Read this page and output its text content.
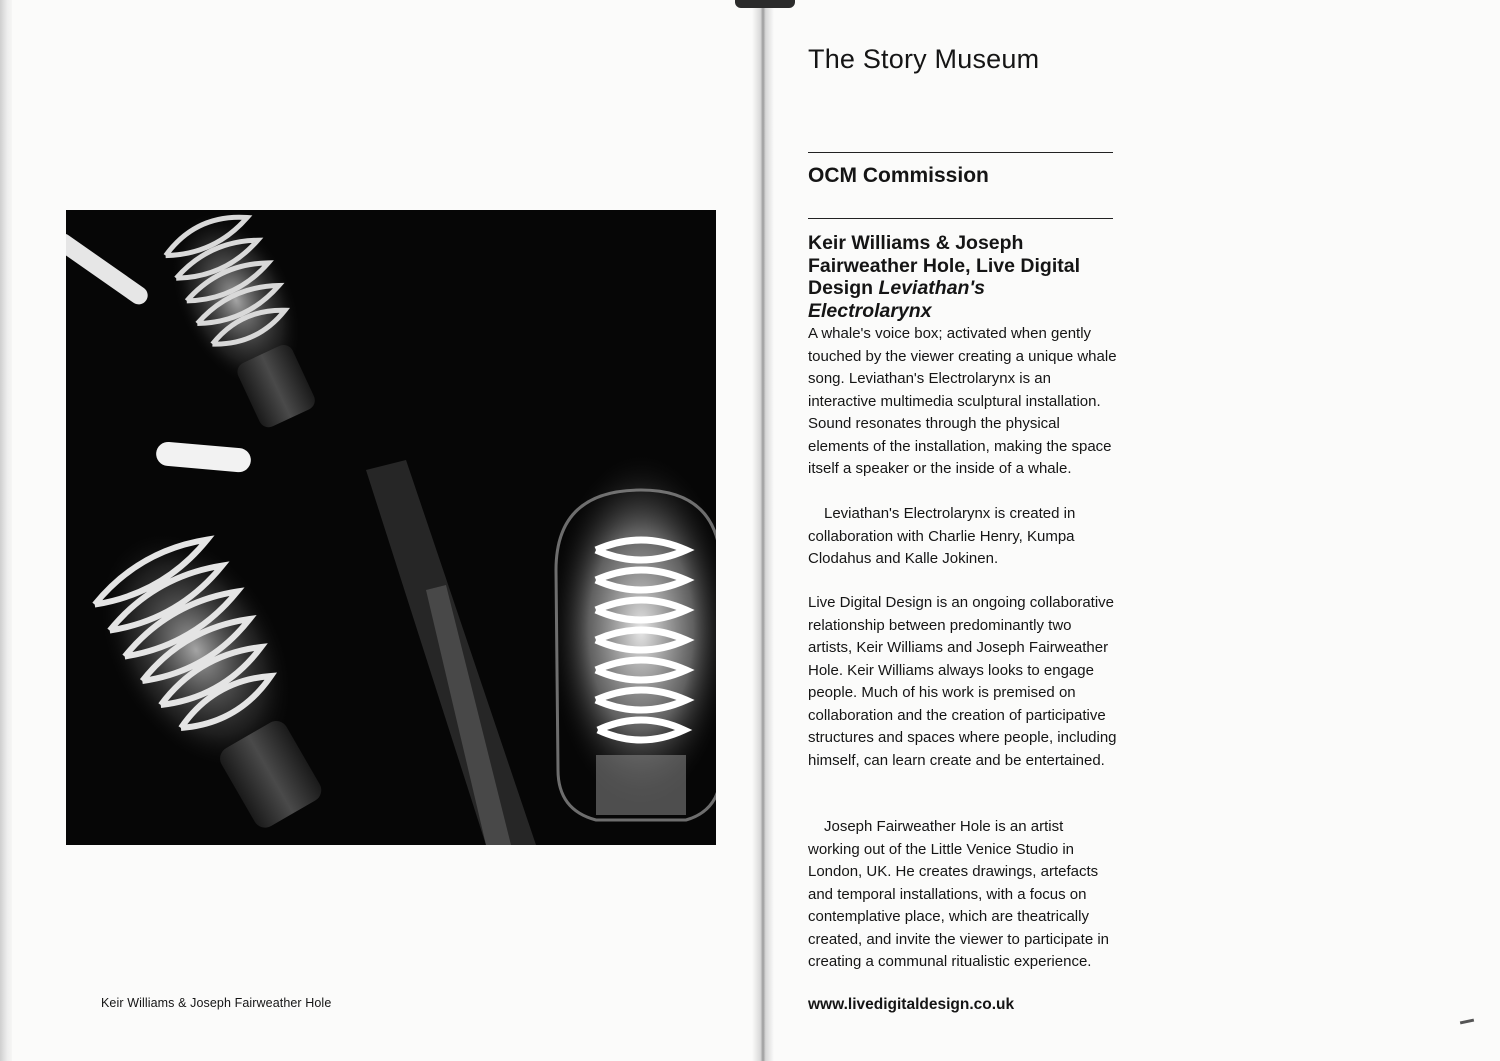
Keir Williams & Joseph Fairweather Hole
The Story Museum
OCM Commission
Keir Williams & Joseph Fairweather Hole, Live Digital Design Leviathan's Electrolarynx

A whale's voice box; activated when gently touched by the viewer creating a unique whale song. Leviathan's Electrolarynx is an interactive multimedia sculptural installation. Sound resonates through the physical elements of the installation, making the space itself a speaker or the inside of a whale.

Leviathan's Electrolarynx is created in collaboration with Charlie Henry, Kumpa Clodahus and Kalle Jokinen.

Live Digital Design is an ongoing collaborative relationship between predominantly two artists, Keir Williams and Joseph Fairweather Hole. Keir Williams always looks to engage people. Much of his work is premised on collaboration and the creation of participative structures and spaces where people, including himself, can learn create and be entertained.

Joseph Fairweather Hole is an artist working out of the Little Venice Studio in London, UK. He creates drawings, artefacts and temporal installations, with a focus on contemplative place, which are theatrically created, and invite the viewer to participate in creating a communal ritualistic experience.

www.livedigitaldesign.co.uk
